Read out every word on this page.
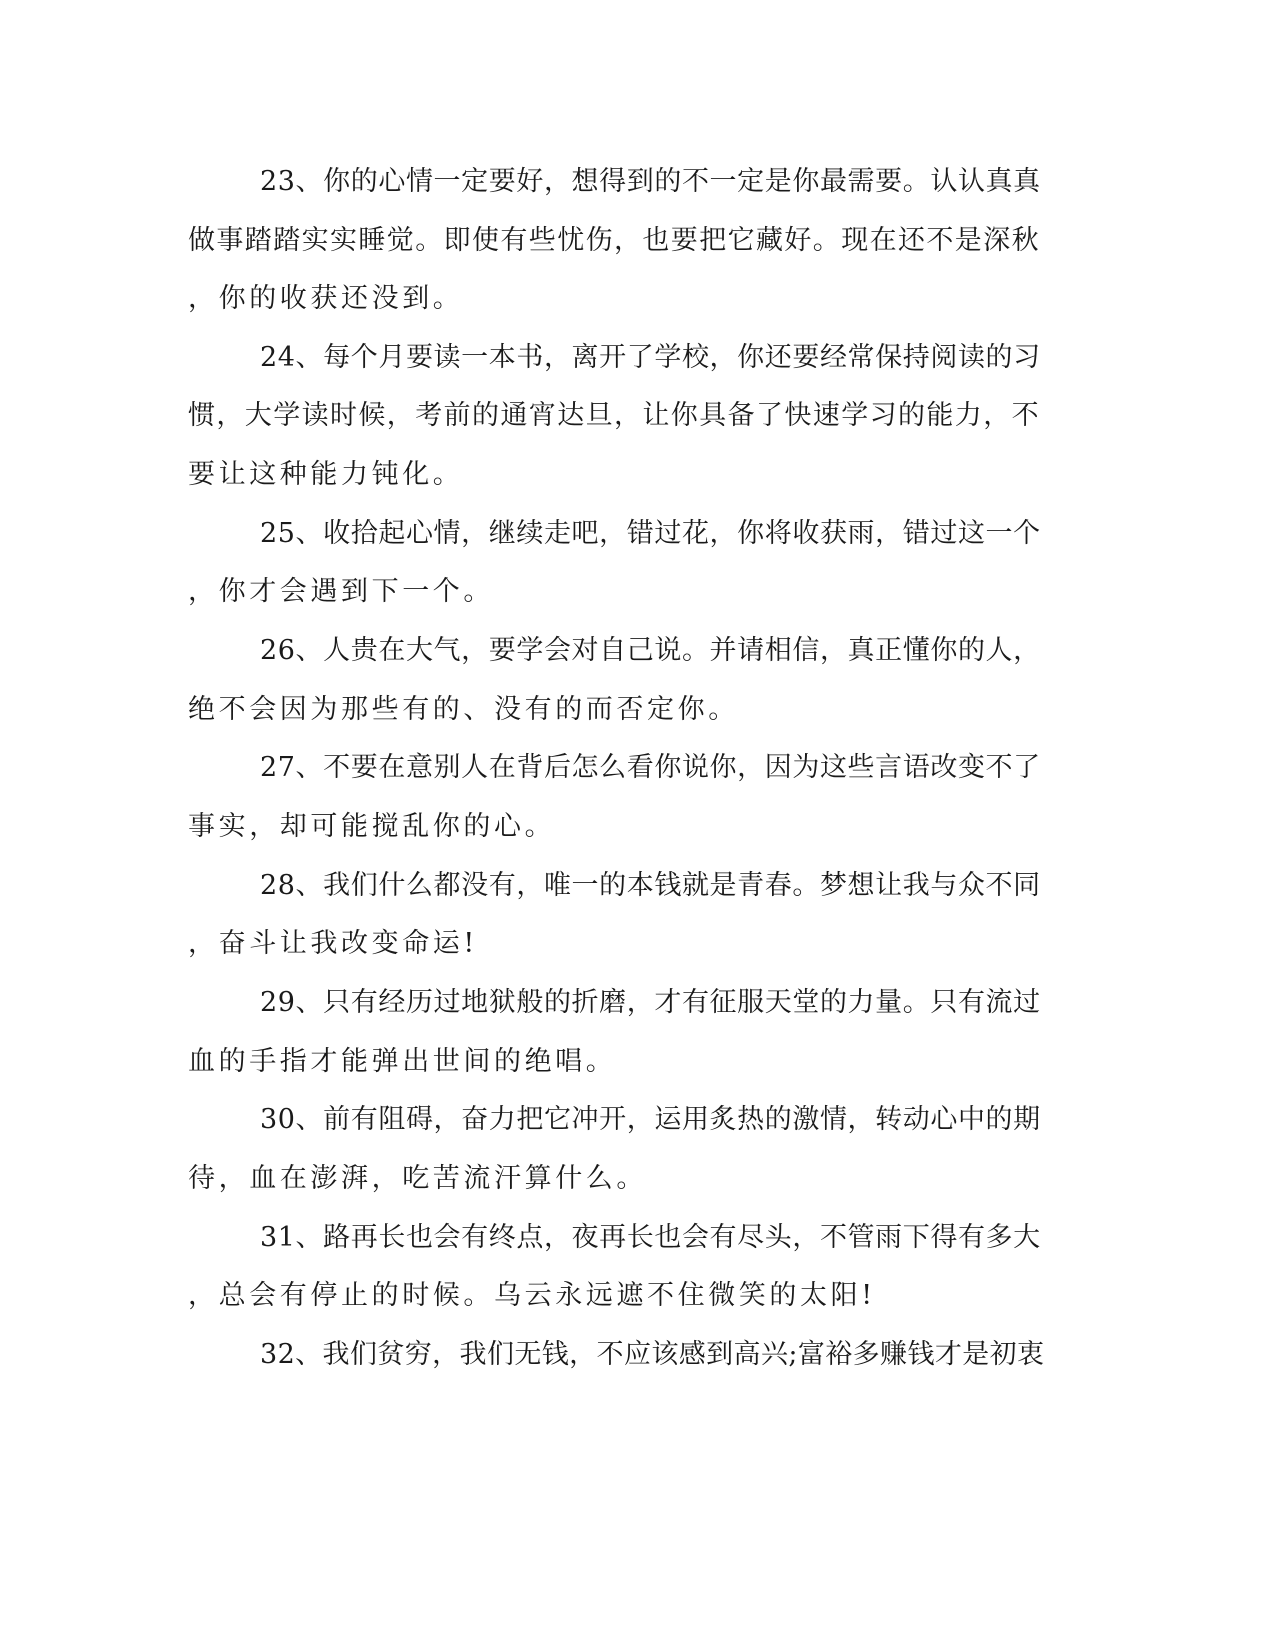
23、你的心情一定要好，想得到的不一定是你最需要。认认真真
做事踏踏实实睡觉。即使有些忧伤，也要把它藏好。现在还不是深秋
，你的收获还没到。
24、每个月要读一本书，离开了学校，你还要经常保持阅读的习
惯，大学读时候，考前的通宵达旦，让你具备了快速学习的能力，不
要让这种能力钝化。
25、收拾起心情，继续走吧，错过花，你将收获雨，错过这一个
，你才会遇到下一个。
26、人贵在大气，要学会对自己说。并请相信，真正懂你的人，
绝不会因为那些有的、没有的而否定你。
27、不要在意别人在背后怎么看你说你，因为这些言语改变不了
事实，却可能搅乱你的心。
28、我们什么都没有，唯一的本钱就是青春。梦想让我与众不同
，奋斗让我改变命运!
29、只有经历过地狱般的折磨，才有征服天堂的力量。只有流过
血的手指才能弹出世间的绝唱。
30、前有阻碍，奋力把它冲开，运用炙热的激情，转动心中的期
待，血在澎湃，吃苦流汗算什么。
31、路再长也会有终点，夜再长也会有尽头，不管雨下得有多大
，总会有停止的时候。乌云永远遮不住微笑的太阳!
32、我们贫穷，我们无钱，不应该感到高兴;富裕多赚钱才是初衷
